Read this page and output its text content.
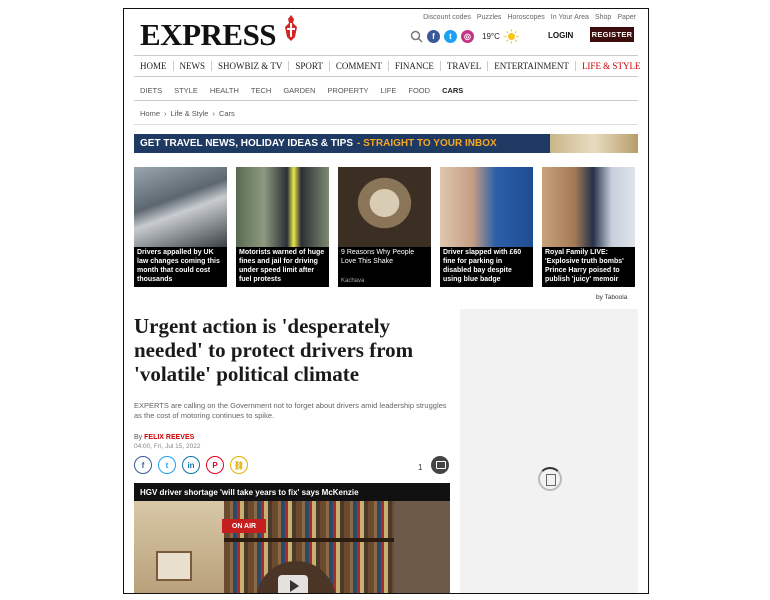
EXPRESS	Discount codes Puzzles Horoscopes In Your Area Shop Paper
f	t	◎	19°C	LOGIN REGISTER
HOME	NEWS	SHOWBIZ & TV	SPORT	COMMENT	FINANCE	TRAVEL	ENTERTAINMENT	LIFE & STYLE
DIETS	STYLE	HEALTH	TECH	GARDEN	PROPERTY	LIFE	FOOD	CARS
Home › Life & Style › Cars
GET TRAVEL NEWS, HOLIDAY IDEAS & TIPS - STRAIGHT TO YOUR INBOX
Drivers appalled by UK law changes coming this month that could cost thousands
Motorists warned of huge fines and jail for driving under speed limit after fuel protests
9 Reasons Why People Love This Shake
Kachava
Driver slapped with £60 fine for parking in disabled bay despite using blue badge
Royal Family LIVE: 'Explosive truth bombs' Prince Harry poised to publish 'juicy' memoir
by Taboola
Urgent action is 'desperately needed' to protect drivers from 'volatile' political climate

EXPERTS are calling on the Government not to forget about drivers amid leadership struggles as the cost of motoring continues to spike.

By FELIX REEVES
04:00, Fri, Jul 15, 2022
f	t	in	P	⛓	1
ON AIR
HGV driver shortage 'will take years to fix' says McKenzie
